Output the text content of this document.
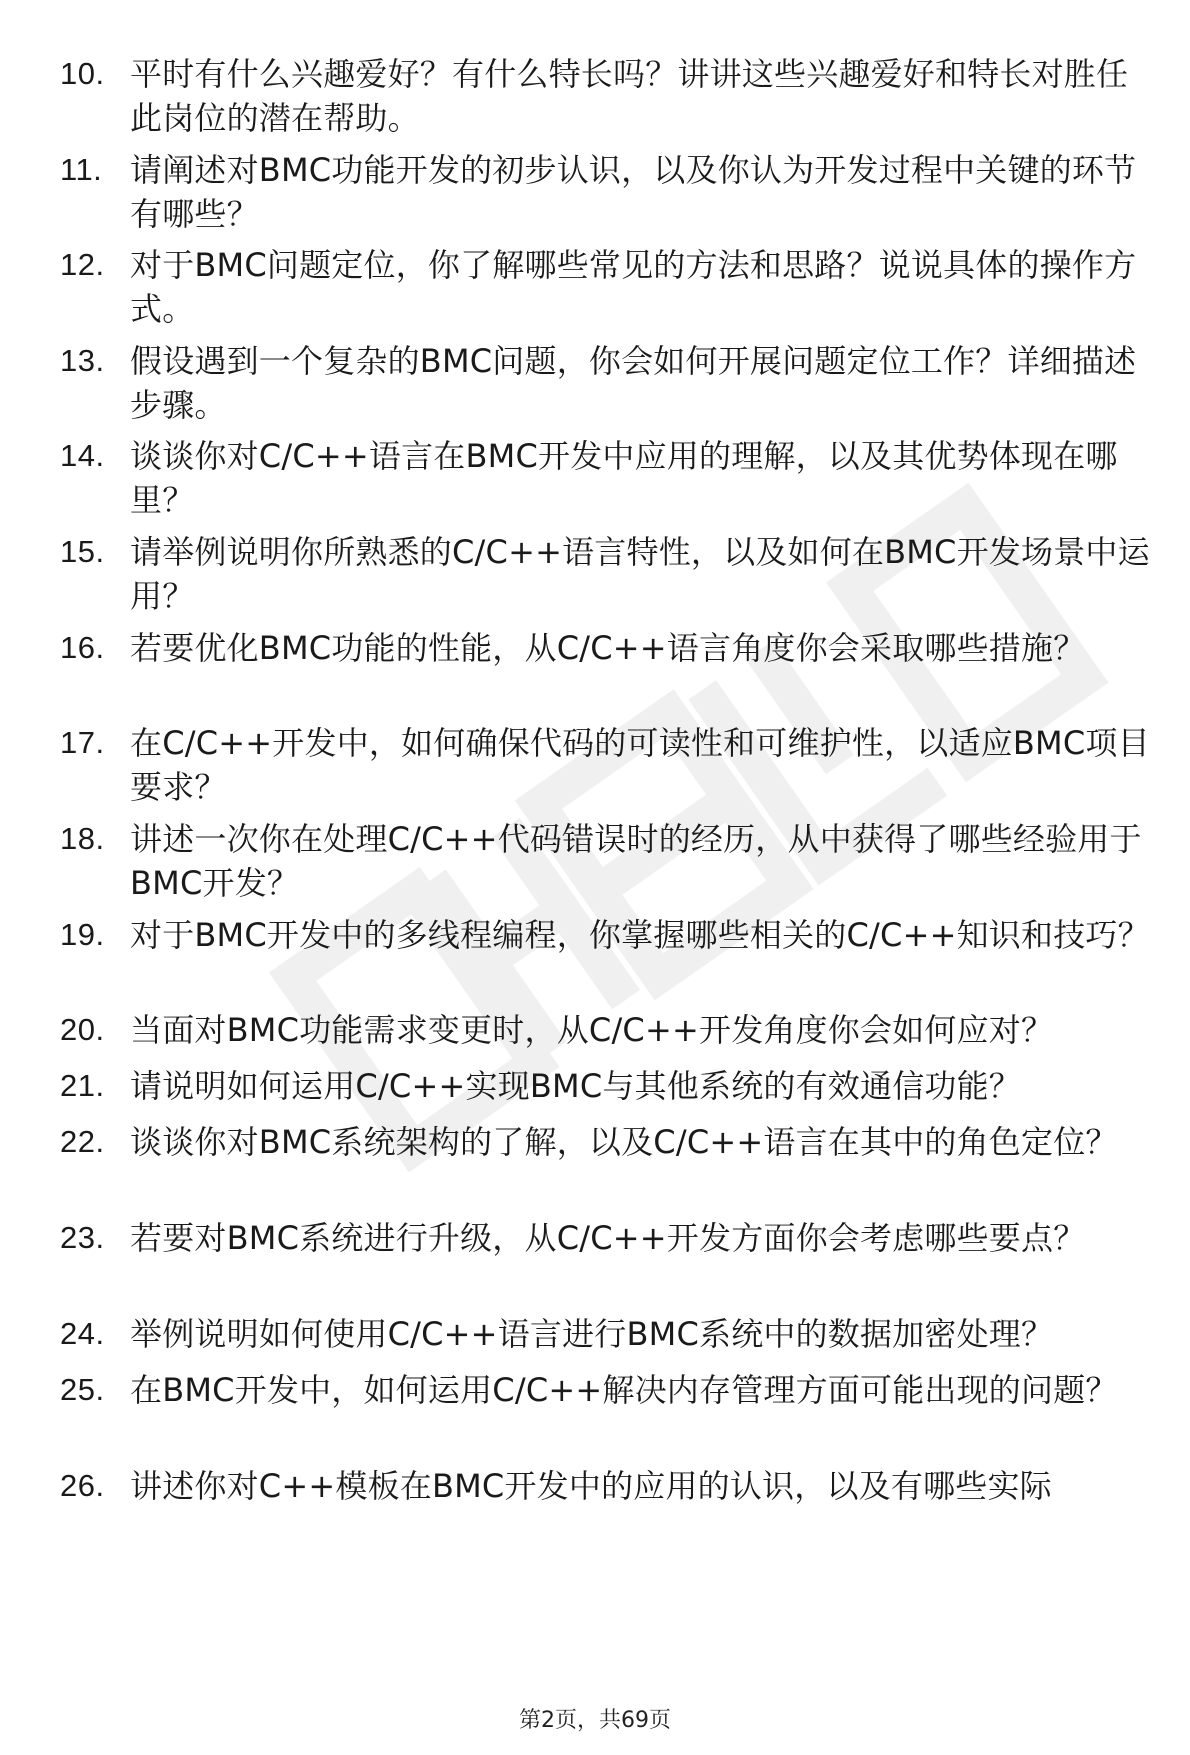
10. 平时有什么兴趣爱好？有什么特长吗？讲讲这些兴趣爱好和特长对胜任此岗位的潜在帮助。
11. 请阐述对BMC功能开发的初步认识，以及你认为开发过程中关键的环节有哪些？
12. 对于BMC问题定位，你了解哪些常见的方法和思路？说说具体的操作方式。
13. 假设遇到一个复杂的BMC问题，你会如何开展问题定位工作？详细描述步骤。
14. 谈谈你对C/C++语言在BMC开发中应用的理解，以及其优势体现在哪里？
15. 请举例说明你所熟悉的C/C++语言特性，以及如何在BMC开发场景中运用？
16. 若要优化BMC功能的性能，从C/C++语言角度你会采取哪些措施？
17. 在C/C++开发中，如何确保代码的可读性和可维护性，以适应BMC项目要求？
18. 讲述一次你在处理C/C++代码错误时的经历，从中获得了哪些经验用于BMC开发？
19. 对于BMC开发中的多线程编程，你掌握哪些相关的C/C++知识和技巧？
20. 当面对BMC功能需求变更时，从C/C++开发角度你会如何应对？
21. 请说明如何运用C/C++实现BMC与其他系统的有效通信功能？
22. 谈谈你对BMC系统架构的了解，以及C/C++语言在其中的角色定位？
23. 若要对BMC系统进行升级，从C/C++开发方面你会考虑哪些要点？
24. 举例说明如何使用C/C++语言进行BMC系统中的数据加密处理？
25. 在BMC开发中，如何运用C/C++解决内存管理方面可能出现的问题？
26. 讲述你对C++模板在BMC开发中的应用的认识，以及有哪些实际
第2页，共69页
